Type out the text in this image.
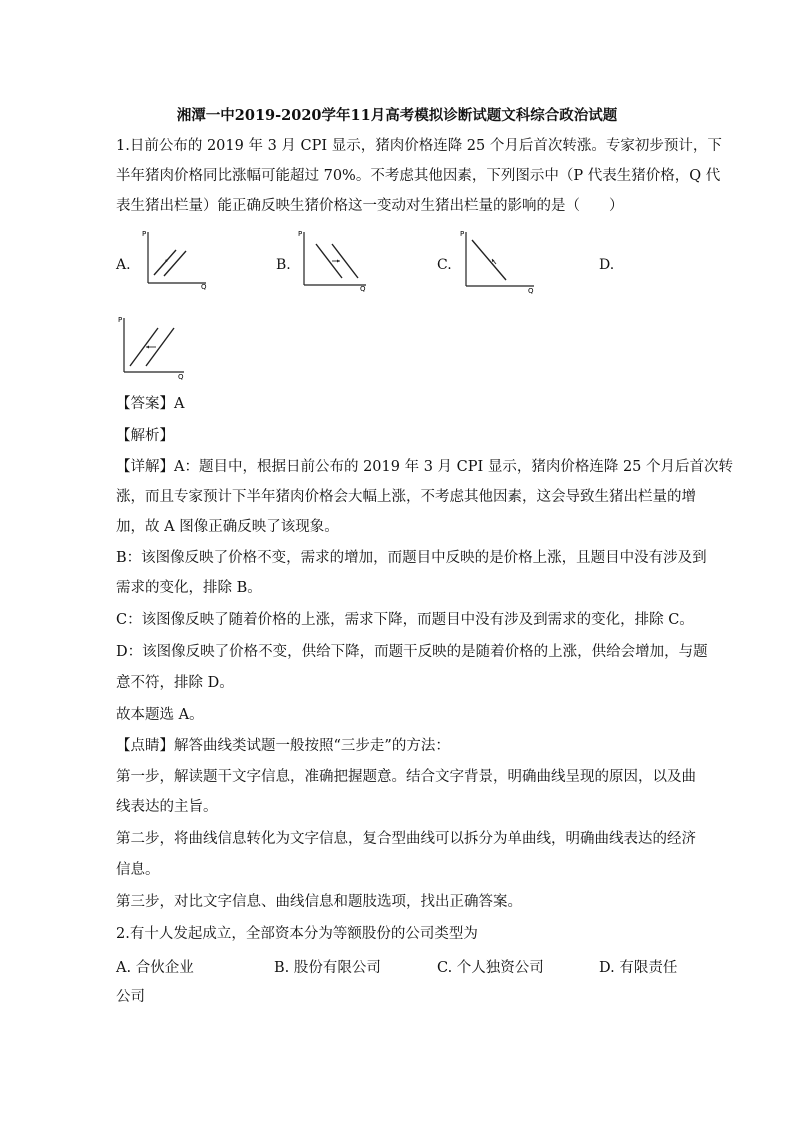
湘潭一中2019-2020学年11月高考模拟诊断试题文科综合政治试题
1.日前公布的 2019 年 3 月 CPI 显示，猪肉价格连降 25 个月后首次转涨。专家初步预计，下
半年猪肉价格同比涨幅可能超过 70%。不考虑其他因素，下列图示中（P 代表生猪价格，Q 代
表生猪出栏量）能正确反映生猪价格这一变动对生猪出栏量的影响的是（　　）
A.	B.	C.	D.
P
Q
P
Q
P
Q
P
Q
【答案】A
【解析】
【详解】A：题目中，根据日前公布的 2019 年 3 月 CPI 显示，猪肉价格连降 25 个月后首次转
涨，而且专家预计下半年猪肉价格会大幅上涨，不考虑其他因素，这会导致生猪出栏量的增
加，故 A 图像正确反映了该现象。
B：该图像反映了价格不变，需求的增加，而题目中反映的是价格上涨，且题目中没有涉及到
需求的变化，排除 B。
C：该图像反映了随着价格的上涨，需求下降，而题目中没有涉及到需求的变化，排除 C。
D：该图像反映了价格不变，供给下降，而题干反映的是随着价格的上涨，供给会增加，与题
意不符，排除 D。
故本题选 A。
【点睛】解答曲线类试题一般按照“三步走”的方法：
第一步，解读题干文字信息，准确把握题意。结合文字背景，明确曲线呈现的原因，以及曲
线表达的主旨。
第二步，将曲线信息转化为文字信息，复合型曲线可以拆分为单曲线，明确曲线表达的经济
信息。
第三步，对比文字信息、曲线信息和题肢选项，找出正确答案。
2.有十人发起成立，全部资本分为等额股份的公司类型为
A. 合伙企业	B. 股份有限公司	C. 个人独资公司	D. 有限责任
公司
